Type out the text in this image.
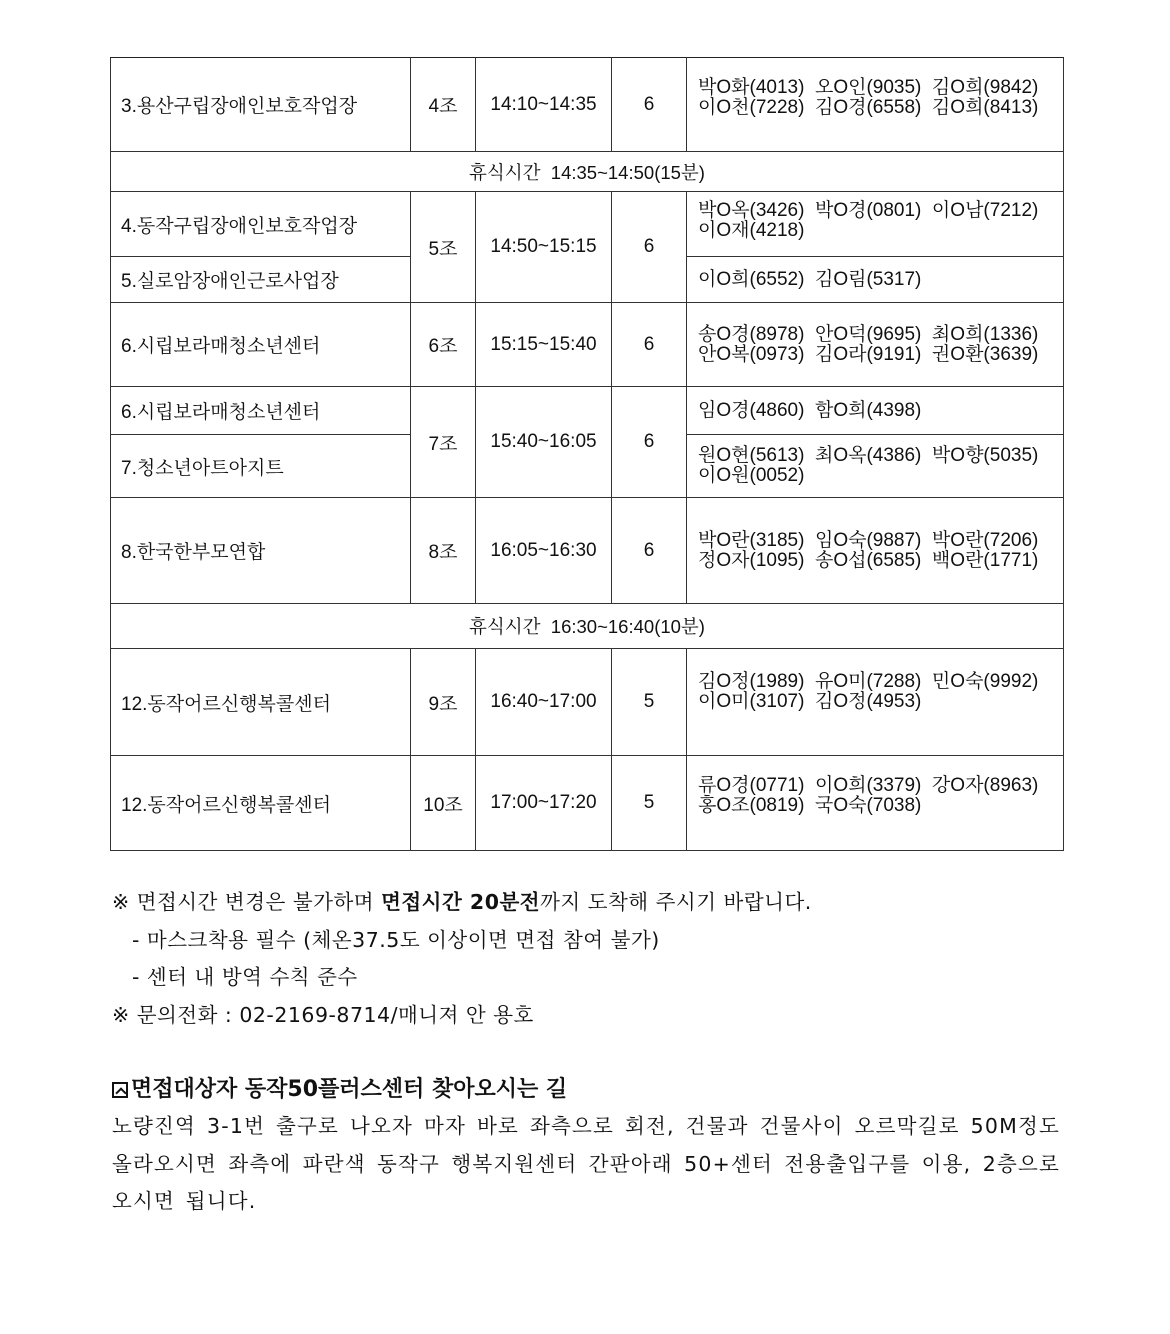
3.용산구립장애인보호작업장	4조	14:10~14:35	6	박O화(4013)  오O인(9035)  김O희(9842)
이O천(7228)  김O경(6558)  김O희(8413)

휴식시간  14:35~14:50(15분)				
4.동작구립장애인보호작업장	5조	14:50~15:15	6	박O옥(3426)  박O경(0801)  이O남(7212)
이O재(4218)

5.실로암장애인근로사업장				이O희(6552)  김O림(5317)

6.시립보라매청소년센터	6조	15:15~15:40	6	송O경(8978)  안O덕(9695)  최O희(1336)
안O복(0973)  김O라(9191)  권O환(3639)

6.시립보라매청소년센터	7조	15:40~16:05	6	임O경(4860)  함O희(4398)

7.청소년아트아지트				원O현(5613)  최O옥(4386)  박O향(5035)
이O원(0052)

8.한국한부모연합	8조	16:05~16:30	6	박O란(3185)  임O숙(9887)  박O란(7206)
정O자(1095)  송O섭(6585)  백O란(1771)

휴식시간  16:30~16:40(10분)				
12.동작어르신행복콜센터	9조	16:40~17:00	5	김O정(1989)  유O미(7288)  민O숙(9992)
이O미(3107)  김O정(4953)

12.동작어르신행복콜센터	10조	17:00~17:20	5	류O경(0771)  이O희(3379)  강O자(8963)
홍O조(0819)  국O숙(7038)
※ 면접시간 변경은 불가하며 면접시간 20분전까지 도착해 주시기 바랍니다.
- 마스크착용 필수 (체온37.5도 이상이면 면접 참여 불가)
- 센터 내 방역 수칙 준수
※ 문의전화 : 02-2169-8714/매니져 안 용호
면접대상자 동작50플러스센터 찾아오시는 길
노량진역 3-1번 출구로 나오자 마자 바로 좌측으로 회전, 건물과 건물사이 오르막길로 50M정도 올라오시면 좌측에 파란색 동작구 행복지원센터 간판아래 50+센터 전용출입구를 이용, 2층으로 오시면 됩니다.
